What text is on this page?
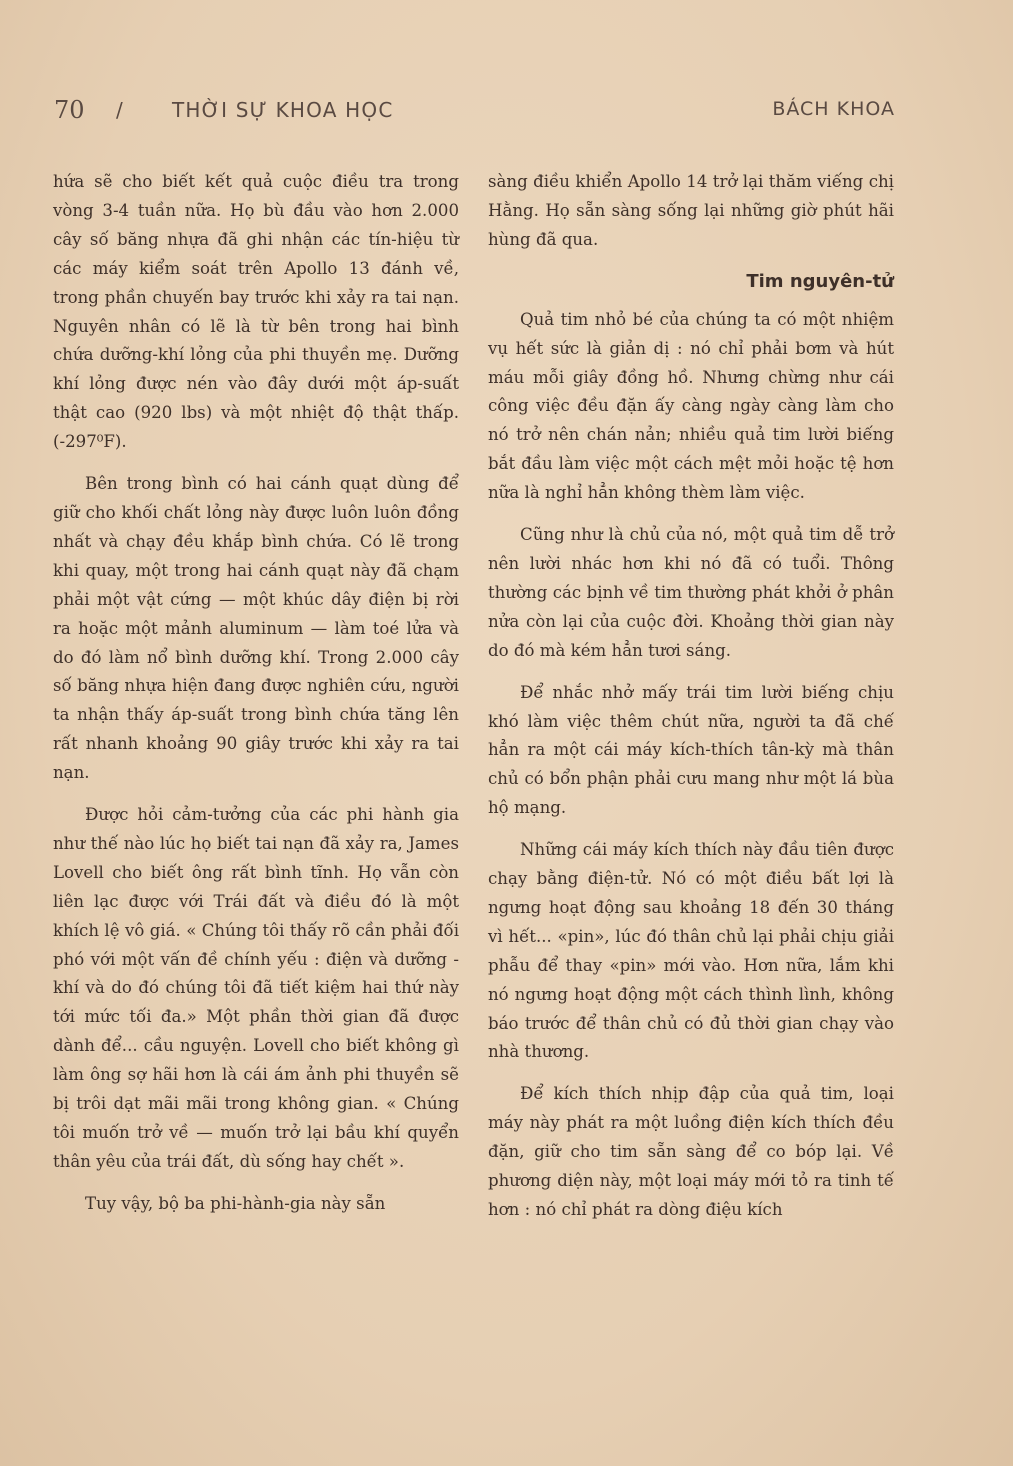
70 / THỜI SỰ KHOA HỌC	BÁCH KHOA

hứa sẽ cho biết kết quả cuộc điều tra trong vòng 3-4 tuần nữa. Họ bù đầu vào hơn 2.000 cây số băng nhựa đã ghi nhận các tín-hiệu từ các máy kiểm soát trên Apollo 13 đánh về, trong phần chuyến bay trước khi xảy ra tai nạn. Nguyên nhân có lẽ là từ bên trong hai bình chứa dưỡng-khí lỏng của phi thuyền mẹ. Dưỡng khí lỏng được nén vào đây dưới một áp-suất thật cao (920 lbs) và một nhiệt độ thật thấp. (-297⁰F).

Bên trong bình có hai cánh quạt dùng để giữ cho khối chất lỏng này được luôn luôn đồng nhất và chạy đều khắp bình chứa. Có lẽ trong khi quay, một trong hai cánh quạt này đã chạm phải một vật cứng — một khúc dây điện bị rời ra hoặc một mảnh aluminum — làm toé lửa và do đó làm nổ bình dưỡng khí. Trong 2.000 cây số băng nhựa hiện đang được nghiên cứu, người ta nhận thấy áp-suất trong bình chứa tăng lên rất nhanh khoảng 90 giây trước khi xảy ra tai nạn.

Được hỏi cảm-tưởng của các phi hành gia như thế nào lúc họ biết tai nạn đã xảy ra, James Lovell cho biết ông rất bình tĩnh. Họ vẫn còn liên lạc được với Trái đất và điều đó là một khích lệ vô giá. « Chúng tôi thấy rõ cần phải đối phó với một vấn đề chính yếu : điện và dưỡng - khí và do đó chúng tôi đã tiết kiệm hai thứ này tới mức tối đa.» Một phần thời gian đã được dành để... cầu nguyện. Lovell cho biết không gì làm ông sợ hãi hơn là cái ám ảnh phi thuyền sẽ bị trôi dạt mãi mãi trong không gian. « Chúng tôi muốn trở về — muốn trở lại bầu khí quyển thân yêu của trái đất, dù sống hay chết ».

Tuy vậy, bộ ba phi-hành-gia này sẵn

sàng điều khiển Apollo 14 trở lại thăm viếng chị Hằng. Họ sẵn sàng sống lại những giờ phút hãi hùng đã qua.

Tim nguyên-tử

Quả tim nhỏ bé của chúng ta có một nhiệm vụ hết sức là giản dị : nó chỉ phải bơm và hút máu mỗi giây đồng hồ. Nhưng chừng như cái công việc đều đặn ấy càng ngày càng làm cho nó trở nên chán nản; nhiều quả tim lười biếng bắt đầu làm việc một cách mệt mỏi hoặc tệ hơn nữa là nghỉ hẳn không thèm làm việc.

Cũng như là chủ của nó, một quả tim dễ trở nên lười nhác hơn khi nó đã có tuổi. Thông thường các bịnh về tim thường phát khởi ở phân nửa còn lại của cuộc đời. Khoảng thời gian này do đó mà kém hẳn tươi sáng.

Để nhắc nhở mấy trái tim lười biếng chịu khó làm việc thêm chút nữa, người ta đã chế hẳn ra một cái máy kích-thích tân-kỳ mà thân chủ có bổn phận phải cưu mang như một lá bùa hộ mạng.

Những cái máy kích thích này đầu tiên được chạy bằng điện-tử. Nó có một điều bất lợi là ngưng hoạt động sau khoảng 18 đến 30 tháng vì hết... «pin», lúc đó thân chủ lại phải chịu giải phẫu để thay «pin» mới vào. Hơn nữa, lắm khi nó ngưng hoạt động một cách thình lình, không báo trước để thân chủ có đủ thời gian chạy vào nhà thương.

Để kích thích nhịp đập của quả tim, loại máy này phát ra một luồng điện kích thích đều đặn, giữ cho tim sẵn sàng để co bóp lại. Về phương diện này, một loại máy mới tỏ ra tinh tế hơn : nó chỉ phát ra dòng điệu kích
